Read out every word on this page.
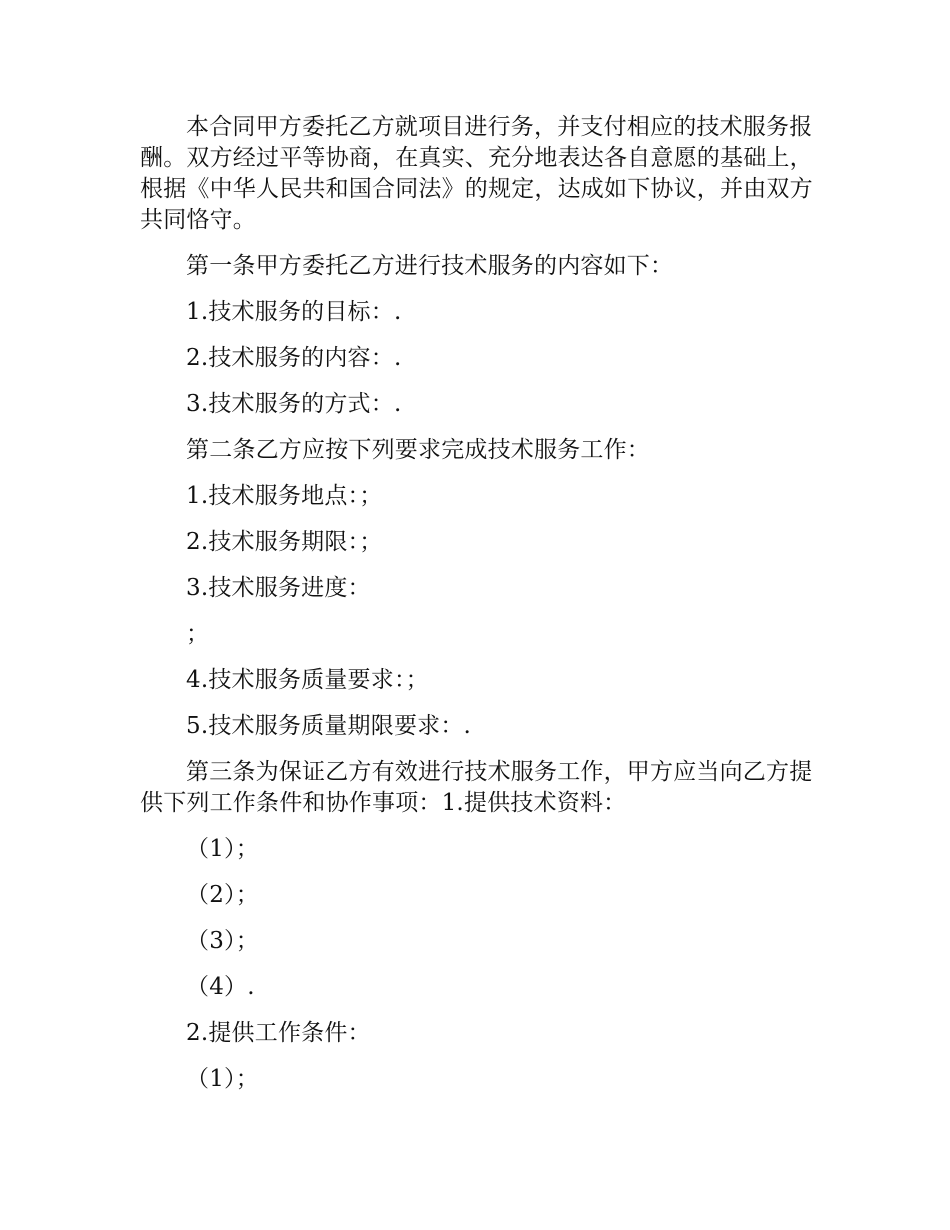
本合同甲方委托乙方就项目进行务，并支付相应的技术服务报酬。双方经过平等协商，在真实、充分地表达各自意愿的基础上，根据《中华人民共和国合同法》的规定，达成如下协议，并由双方共同恪守。

第一条甲方委托乙方进行技术服务的内容如下：

1.技术服务的目标：.

2.技术服务的内容：.

3.技术服务的方式：.

第二条乙方应按下列要求完成技术服务工作：

1.技术服务地点：；

2.技术服务期限：；

3.技术服务进度：

；

4.技术服务质量要求：；

5.技术服务质量期限要求：.

第三条为保证乙方有效进行技术服务工作，甲方应当向乙方提供下列工作条件和协作事项：1.提供技术资料：

（1）；

（2）；

（3）；

（4）.

2.提供工作条件：

（1）；
